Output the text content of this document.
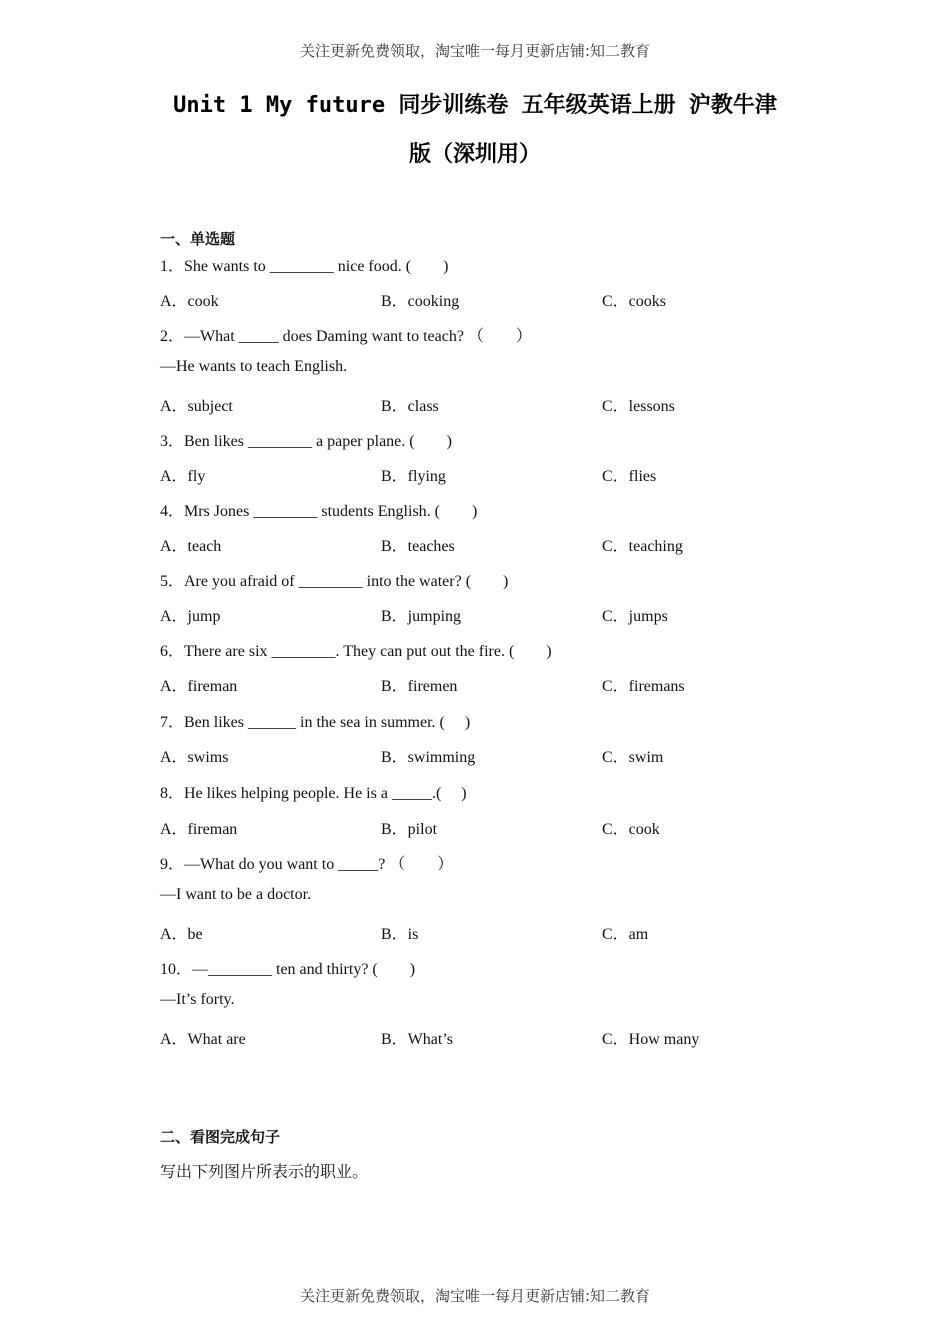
关注更新免费领取，淘宝唯一每月更新店铺:知二教育
Unit 1 My future 同步训练卷 五年级英语上册 沪教牛津
版（深圳用）
一、单选题
1．She wants to ________ nice food. (　　)
A．cook	B．cooking	C．cooks
2．—What _____ does Daming want to teach? （　　）
—He wants to teach English.
A．subject	B．class	C．lessons
3．Ben likes ________ a paper plane. (　　)
A．fly	B．flying	C．flies
4．Mrs Jones ________ students English. (　　)
A．teach	B．teaches	C．teaching
5．Are you afraid of ________ into the water? (　　)
A．jump	B．jumping	C．jumps
6．There are six ________. They can put out the fire. (　　)
A．fireman	B．firemen	C．firemans
7．Ben likes ______ in the sea in summer. (　 )
A．swims	B．swimming	C．swim
8．He likes helping people. He is a _____.(　 )
A．fireman	B．pilot	C．cook
9．—What do you want to _____? （　　）
—I want to be a doctor.
A．be	B．is	C．am
10．—________ ten and thirty? (　　)
—It’s forty.
A．What are	B．What’s	C．How many
二、看图完成句子
写出下列图片所表示的职业。
关注更新免费领取，淘宝唯一每月更新店铺:知二教育
